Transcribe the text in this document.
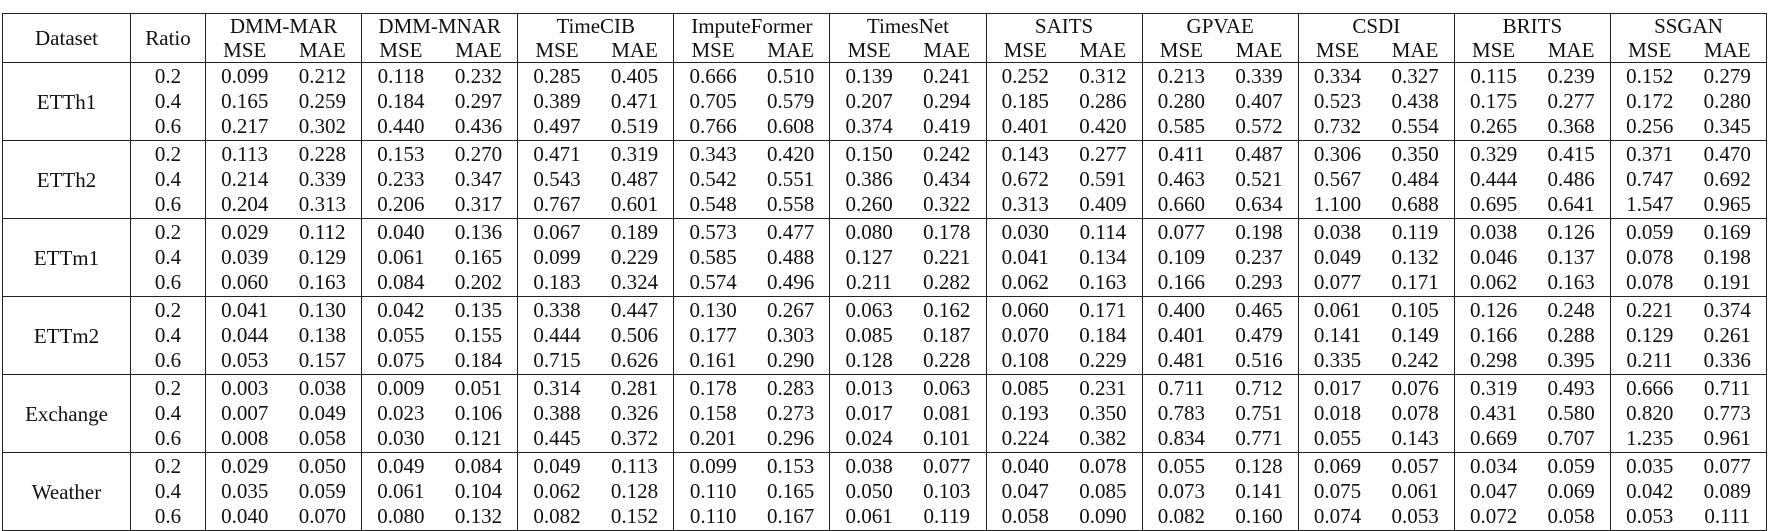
Dataset	Ratio	DMM-MAR		DMM-MNAR		TimeCIB		ImputeFormer		TimesNet		SAITS		GPVAE		CSDI		BRITS		SSGAN	
		MSE	MAE	MSE	MAE	MSE	MAE	MSE	MAE	MSE	MAE	MSE	MAE	MSE	MAE	MSE	MAE	MSE	MAE	MSE	MAE
ETTh1	0.2	0.099	0.212	0.118	0.232	0.285	0.405	0.666	0.510	0.139	0.241	0.252	0.312	0.213	0.339	0.334	0.327	0.115	0.239	0.152	0.279
	0.4	0.165	0.259	0.184	0.297	0.389	0.471	0.705	0.579	0.207	0.294	0.185	0.286	0.280	0.407	0.523	0.438	0.175	0.277	0.172	0.280
	0.6	0.217	0.302	0.440	0.436	0.497	0.519	0.766	0.608	0.374	0.419	0.401	0.420	0.585	0.572	0.732	0.554	0.265	0.368	0.256	0.345
ETTh2	0.2	0.113	0.228	0.153	0.270	0.471	0.319	0.343	0.420	0.150	0.242	0.143	0.277	0.411	0.487	0.306	0.350	0.329	0.415	0.371	0.470
	0.4	0.214	0.339	0.233	0.347	0.543	0.487	0.542	0.551	0.386	0.434	0.672	0.591	0.463	0.521	0.567	0.484	0.444	0.486	0.747	0.692
	0.6	0.204	0.313	0.206	0.317	0.767	0.601	0.548	0.558	0.260	0.322	0.313	0.409	0.660	0.634	1.100	0.688	0.695	0.641	1.547	0.965
ETTm1	0.2	0.029	0.112	0.040	0.136	0.067	0.189	0.573	0.477	0.080	0.178	0.030	0.114	0.077	0.198	0.038	0.119	0.038	0.126	0.059	0.169
	0.4	0.039	0.129	0.061	0.165	0.099	0.229	0.585	0.488	0.127	0.221	0.041	0.134	0.109	0.237	0.049	0.132	0.046	0.137	0.078	0.198
	0.6	0.060	0.163	0.084	0.202	0.183	0.324	0.574	0.496	0.211	0.282	0.062	0.163	0.166	0.293	0.077	0.171	0.062	0.163	0.078	0.191
ETTm2	0.2	0.041	0.130	0.042	0.135	0.338	0.447	0.130	0.267	0.063	0.162	0.060	0.171	0.400	0.465	0.061	0.105	0.126	0.248	0.221	0.374
	0.4	0.044	0.138	0.055	0.155	0.444	0.506	0.177	0.303	0.085	0.187	0.070	0.184	0.401	0.479	0.141	0.149	0.166	0.288	0.129	0.261
	0.6	0.053	0.157	0.075	0.184	0.715	0.626	0.161	0.290	0.128	0.228	0.108	0.229	0.481	0.516	0.335	0.242	0.298	0.395	0.211	0.336
Exchange	0.2	0.003	0.038	0.009	0.051	0.314	0.281	0.178	0.283	0.013	0.063	0.085	0.231	0.711	0.712	0.017	0.076	0.319	0.493	0.666	0.711
	0.4	0.007	0.049	0.023	0.106	0.388	0.326	0.158	0.273	0.017	0.081	0.193	0.350	0.783	0.751	0.018	0.078	0.431	0.580	0.820	0.773
	0.6	0.008	0.058	0.030	0.121	0.445	0.372	0.201	0.296	0.024	0.101	0.224	0.382	0.834	0.771	0.055	0.143	0.669	0.707	1.235	0.961
Weather	0.2	0.029	0.050	0.049	0.084	0.049	0.113	0.099	0.153	0.038	0.077	0.040	0.078	0.055	0.128	0.069	0.057	0.034	0.059	0.035	0.077
	0.4	0.035	0.059	0.061	0.104	0.062	0.128	0.110	0.165	0.050	0.103	0.047	0.085	0.073	0.141	0.075	0.061	0.047	0.069	0.042	0.089
	0.6	0.040	0.070	0.080	0.132	0.082	0.152	0.110	0.167	0.061	0.119	0.058	0.090	0.082	0.160	0.074	0.053	0.072	0.058	0.053	0.111
